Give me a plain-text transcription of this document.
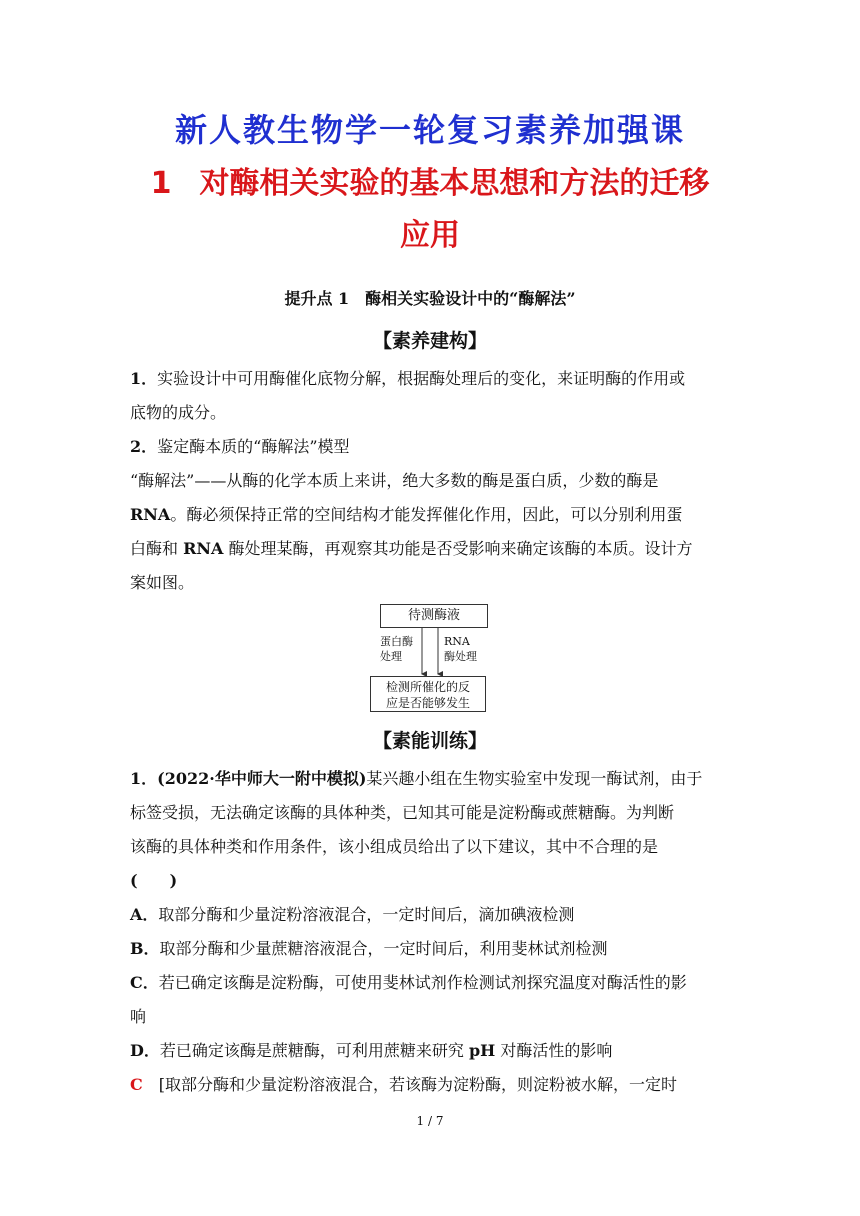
新人教生物学一轮复习素养加强课
1 对酶相关实验的基本思想和方法的迁移
应用
提升点 1　酶相关实验设计中的“酶解法”
【素养建构】
1．实验设计中可用酶催化底物分解，根据酶处理后的变化，来证明酶的作用或
底物的成分。
2．鉴定酶本质的“酶解法”模型
“酶解法”——从酶的化学本质上来讲，绝大多数的酶是蛋白质，少数的酶是
RNA。酶必须保持正常的空间结构才能发挥催化作用，因此，可以分别利用蛋
白酶和 RNA 酶处理某酶，再观察其功能是否受影响来确定该酶的本质。设计方
案如图。
待测酶液
蛋白酶
处理
RNA
酶处理
检测所催化的反
应是否能够发生
【素能训练】
1．(2022·华中师大一附中模拟)某兴趣小组在生物实验室中发现一酶试剂，由于
标签受损，无法确定该酶的具体种类，已知其可能是淀粉酶或蔗糖酶。为判断
该酶的具体种类和作用条件，该小组成员给出了以下建议，其中不合理的是
(　　)
A．取部分酶和少量淀粉溶液混合，一定时间后，滴加碘液检测
B．取部分酶和少量蔗糖溶液混合，一定时间后，利用斐林试剂检测
C．若已确定该酶是淀粉酶，可使用斐林试剂作检测试剂探究温度对酶活性的影
响
D．若已确定该酶是蔗糖酶，可利用蔗糖来研究 pH 对酶活性的影响
C [取部分酶和少量淀粉溶液混合，若该酶为淀粉酶，则淀粉被水解，一定时
1 / 7
